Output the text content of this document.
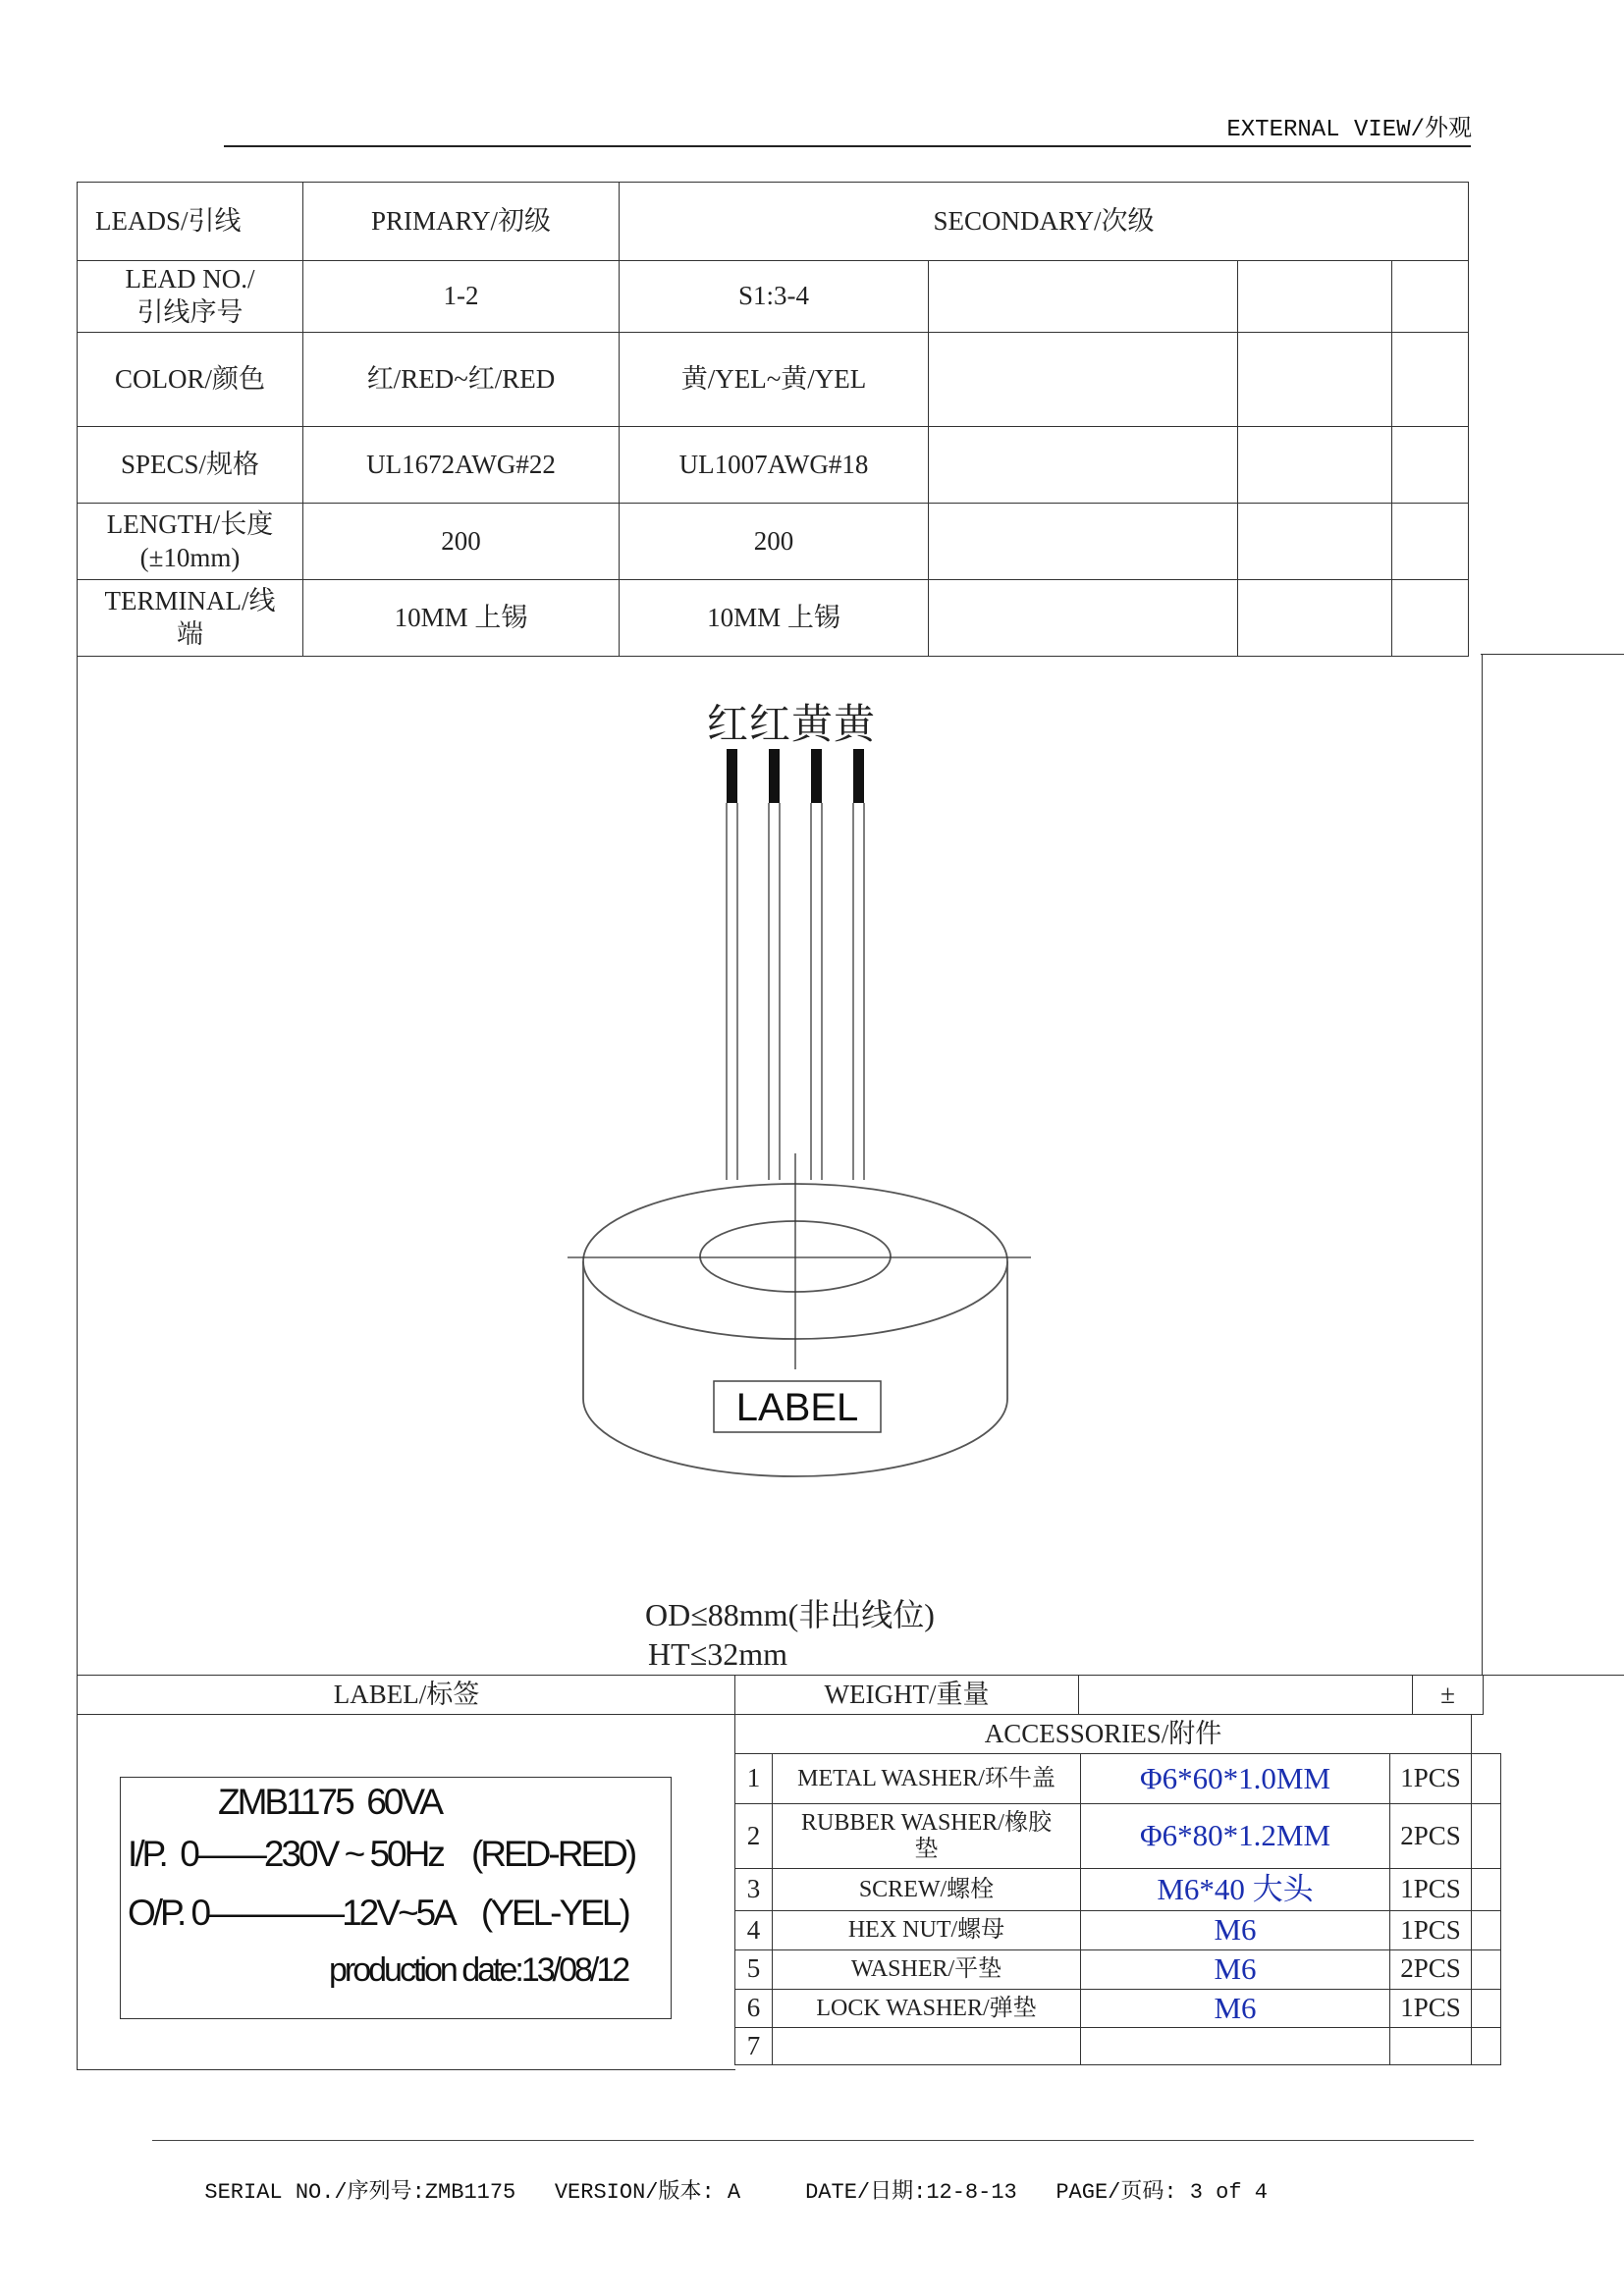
EXTERNAL VIEW/外观
LEADS/引线	PRIMARY/初级	SECONDARY/次级			
LEAD NO./
引线序号	1-2	S1:3-4			
COLOR/颜色	红/RED~红/RED	黄/YEL~黄/YEL			
SPECS/规格	UL1672AWG#22	UL1007AWG#18			
LENGTH/长度
(±10mm)	200	200			
TERMINAL/线
端	10MM 上锡	10MM 上锡			
红红黄黄
LABEL
OD≤88mm(非出线位)
HT≤32mm
LABEL/标签
ZMB1175  60VA
I/P.  0——230V ~ 50Hz    (RED-RED)
O/P. 0————12V~5A    (YEL-YEL)
production date:13/08/12
WEIGHT/重量		±
ACCESSORIES/附件				
1	METAL WASHER/环牛盖	Φ6*60*1.0MM	1PCS	
2	RUBBER WASHER/橡胶
垫	Φ6*80*1.2MM	2PCS	
3	SCREW/螺栓	M6*40 大头	1PCS	
4	HEX NUT/螺母	M6	1PCS	
5	WASHER/平垫	M6	2PCS	
6	LOCK WASHER/弹垫	M6	1PCS	
7				

SERIAL NO./序列号:ZMB1175 VERSION/版本: A	DATE/日期:12-8-13 PAGE/页码: 3 of 4
